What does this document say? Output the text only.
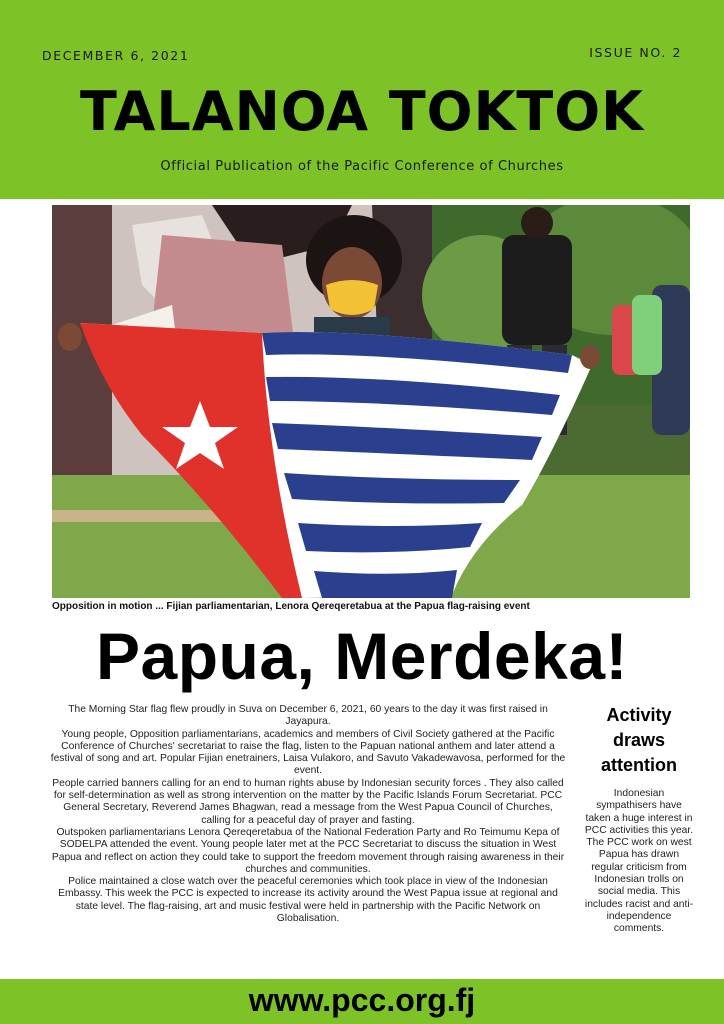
DECEMBER 6, 2021	ISSUE NO. 2
TALANOA TOKTOK
Official Publication of the Pacific Conference of Churches
Opposition in motion ... Fijian parliamentarian, Lenora Qereqeretabua at the Papua flag-raising event
Papua, Merdeka!

The Morning Star flag flew proudly in Suva on December 6, 2021, 60 years to the day it was first raised in Jayapura.

Young people, Opposition parliamentarians, academics and members of Civil Society gathered at the Pacific Conference of Churches' secretariat to raise the flag, listen to the Papuan national anthem and later attend a festival of song and art. Popular Fijian enetrainers, Laisa Vulakoro, and Savuto Vakadewavosa, performed for the event.

People carried banners calling for an end to human rights abuse by Indonesian security forces . They also called for self-determination as well as strong intervention on the matter by the Pacific Islands Forum Secretariat. PCC General Secretary, Reverend James Bhagwan, read a message from the West Papua Council of Churches, calling for a peaceful day of prayer and fasting.

Outspoken parliamentarians Lenora Qereqeretabua of the National Federation Party and Ro Teimumu Kepa of SODELPA attended the event. Young people later met at the PCC Secretariat to discuss the situation in West Papua and reflect on action they could take to support the freedom movement through raising awareness in their churches and communities.

Police maintained a close watch over the peaceful ceremonies which took place in view of the Indonesian Embassy. This week the PCC is expected to increase its activity around the West Papua issue at regional and state level. The flag-raising, art and music festival were held in partnership with the Pacific Network on Globalisation.

Activity draws attention
Indonesian sympathisers have taken a huge interest in PCC activities this year. The PCC work on west Papua has drawn regular criticism from Indonesian trolls on social media. This includes racist and anti-independence comments.
www.pcc.org.fj
